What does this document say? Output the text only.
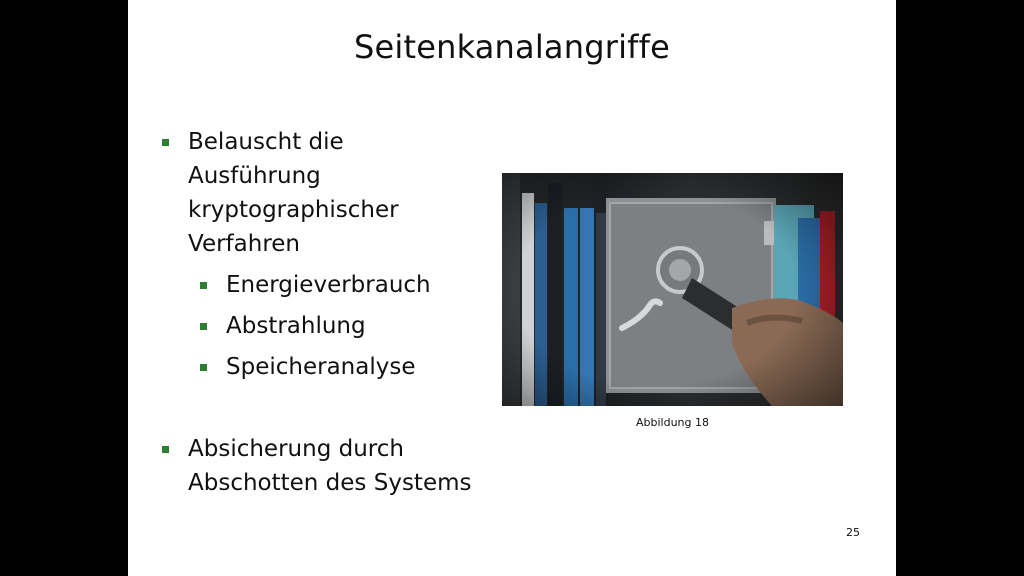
Seitenkanalangriffe
Belauscht die
Ausführung
kryptographischer
Verfahren
Energieverbrauch
Abstrahlung
Speicheranalyse
Absicherung durch
Abschotten des Systems
Abbildung 18
25
